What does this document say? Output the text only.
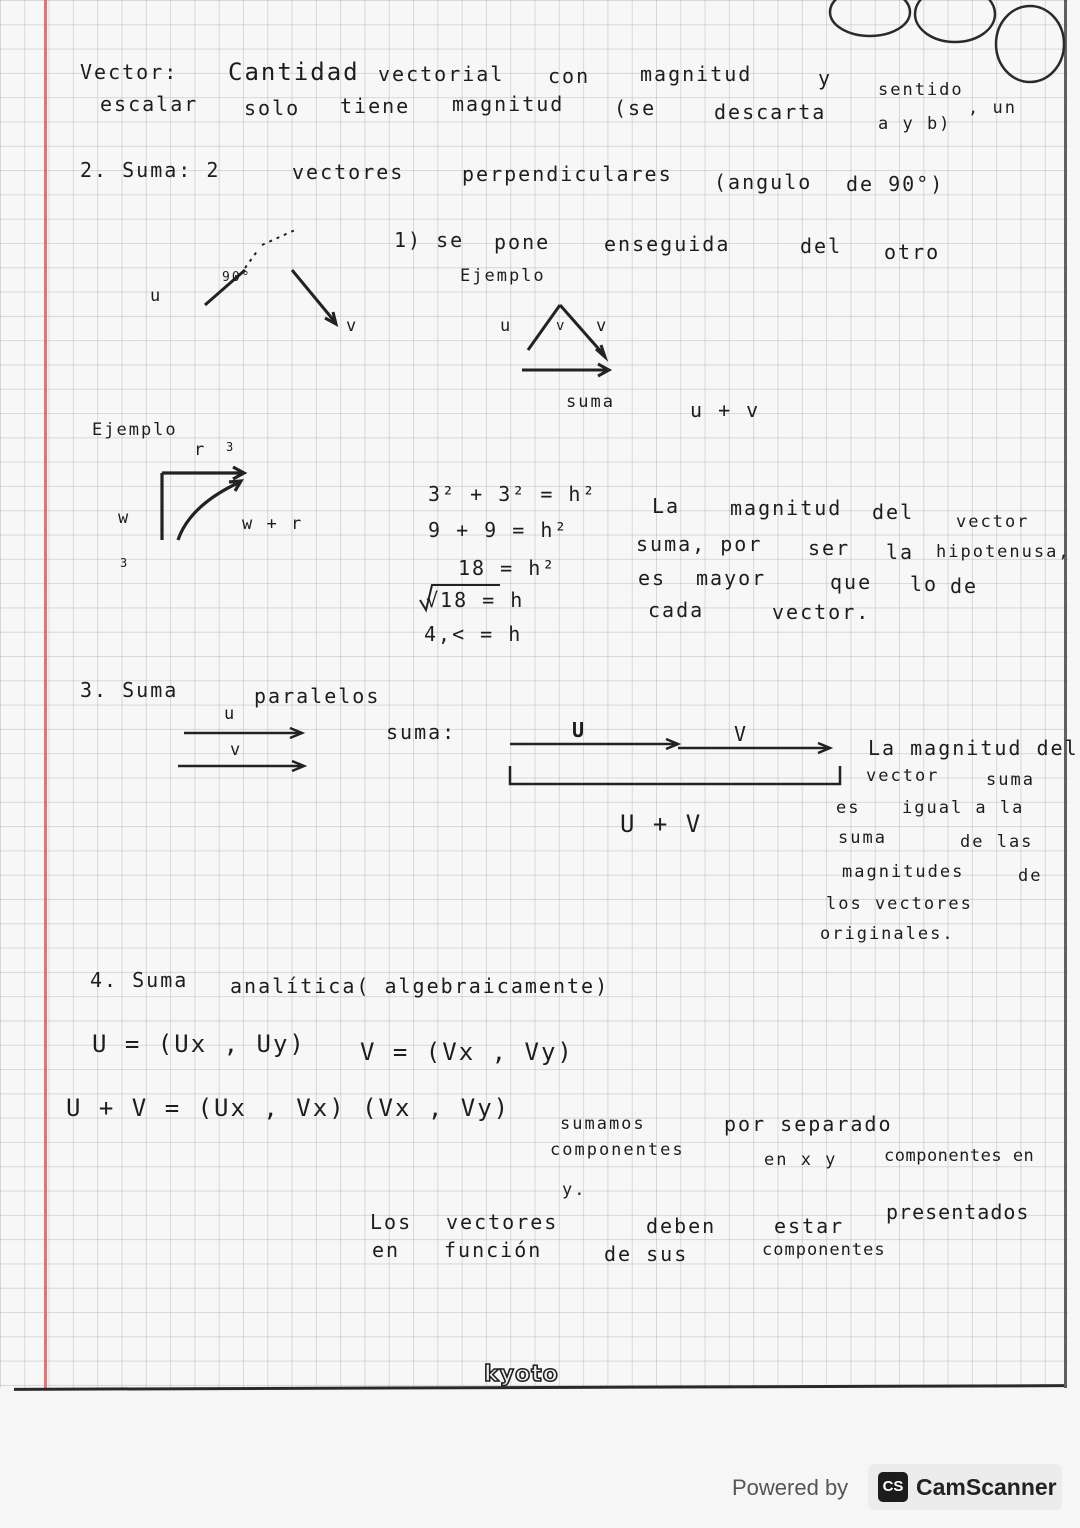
Vector: Cantidad vectorial con magnitud	y	sentido
, un
escalar solo tiene magnitud (se	descarta	a y b)
2. Suma: 2	vectores	perpendiculares (angulo de 90°)
1) se pone	enseguida	del otro
Ejemplo
u
v
90°
u	v v
suma	u + v
Ejemplo
r 3
w
3
w + r
3² + 3² = h²
9 + 9 = h²
18 = h²
√18 = h
4,< = h
La magnitud del vector
suma, por ser la hipotenusa,
es mayor	que lo de
cada	vector.
3. Suma	paralelos
u
v
suma:	U	V
U + V
La magnitud del
vector	suma
es igual a la
suma	de las
magnitudes	de
los vectores
originales.
4. Suma analítica( algebraicamente)
U = (Ux , Uy) V = (Vx , Vy)
U + V = (Ux , Vx) (Vx , Vy)
sumamos	por separado
componentes	en x y	componentes en
y.
Los vectores	deben	estar
presentados
en función	de sus	componentes
kyoto
Powered by	CS CamScanner
